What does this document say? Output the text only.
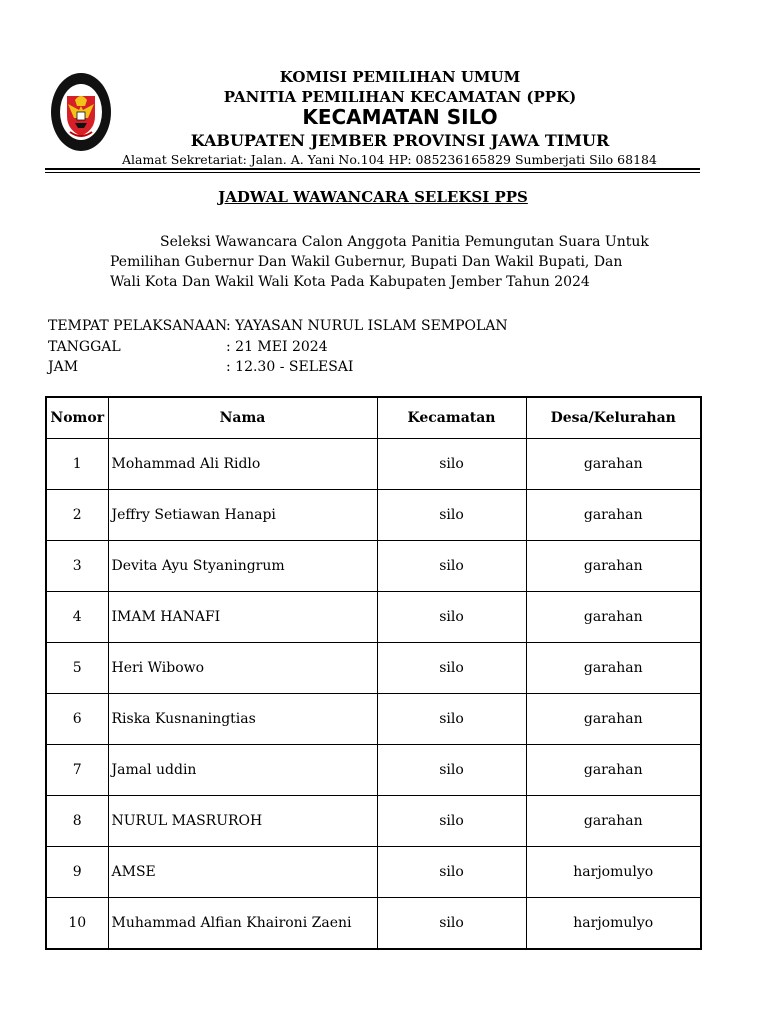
KOMISI PEMILIHAN UMUM
PANITIA PEMILIHAN KECAMATAN (PPK)
KECAMATAN SILO
KABUPATEN JEMBER PROVINSI JAWA TIMUR
Alamat Sekretariat: Jalan. A. Yani No.104 HP: 085236165829 Sumberjati Silo 68184
JADWAL WAWANCARA SELEKSI PPS
Seleksi Wawancara Calon Anggota Panitia Pemungutan Suara Untuk
Pemilihan Gubernur Dan Wakil Gubernur, Bupati Dan Wakil Bupati, Dan
Wali Kota Dan Wakil Wali Kota Pada Kabupaten Jember Tahun 2024
TEMPAT PELAKSANAAN
: YAYASAN NURUL ISLAM SEMPOLAN
TANGGAL	: 21 MEI 2024
JAM	: 12.30 - SELESAI
Nomor	Nama	Kecamatan	Desa/Kelurahan
1	Mohammad Ali Ridlo	silo	garahan
2	Jeffry Setiawan Hanapi	silo	garahan
3	Devita Ayu Styaningrum	silo	garahan
4	IMAM HANAFI	silo	garahan
5	Heri Wibowo	silo	garahan
6	Riska Kusnaningtias	silo	garahan
7	Jamal uddin	silo	garahan
8	NURUL MASRUROH	silo	garahan
9	AMSE	silo	harjomulyo
10	Muhammad Alfian Khaironi Zaeni	silo	harjomulyo
